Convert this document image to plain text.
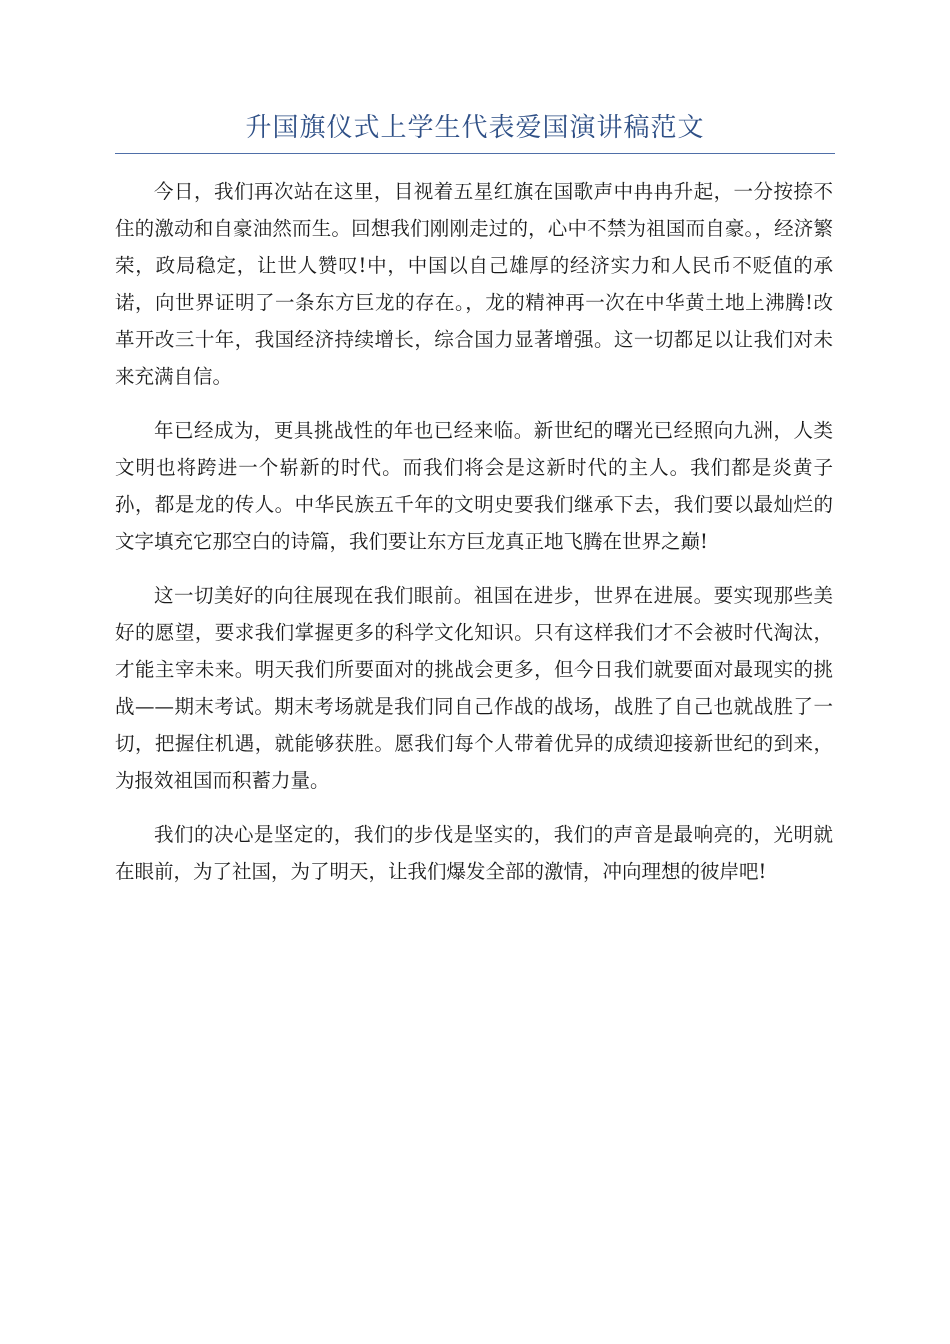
升国旗仪式上学生代表爱国演讲稿范文

今日，我们再次站在这里，目视着五星红旗在国歌声中冉冉升起，一分按捺不住的激动和自豪油然而生。回想我们刚刚走过的，心中不禁为祖国而自豪。，经济繁荣，政局稳定，让世人赞叹!中，中国以自己雄厚的经济实力和人民币不贬值的承诺，向世界证明了一条东方巨龙的存在。，龙的精神再一次在中华黄土地上沸腾!改革开改三十年，我国经济持续增长，综合国力显著增强。这一切都足以让我们对未来充满自信。

年已经成为，更具挑战性的年也已经来临。新世纪的曙光已经照向九洲，人类文明也将跨进一个崭新的时代。而我们将会是这新时代的主人。我们都是炎黄子孙，都是龙的传人。中华民族五千年的文明史要我们继承下去，我们要以最灿烂的文字填充它那空白的诗篇，我们要让东方巨龙真正地飞腾在世界之巅!

这一切美好的向往展现在我们眼前。祖国在进步，世界在进展。要实现那些美好的愿望，要求我们掌握更多的科学文化知识。只有这样我们才不会被时代淘汰，才能主宰未来。明天我们所要面对的挑战会更多，但今日我们就要面对最现实的挑战——期末考试。期末考场就是我们同自己作战的战场，战胜了自己也就战胜了一切，把握住机遇，就能够获胜。愿我们每个人带着优异的成绩迎接新世纪的到来，为报效祖国而积蓄力量。

我们的决心是坚定的，我们的步伐是坚实的，我们的声音是最响亮的，光明就在眼前，为了社国，为了明天，让我们爆发全部的激情，冲向理想的彼岸吧!
